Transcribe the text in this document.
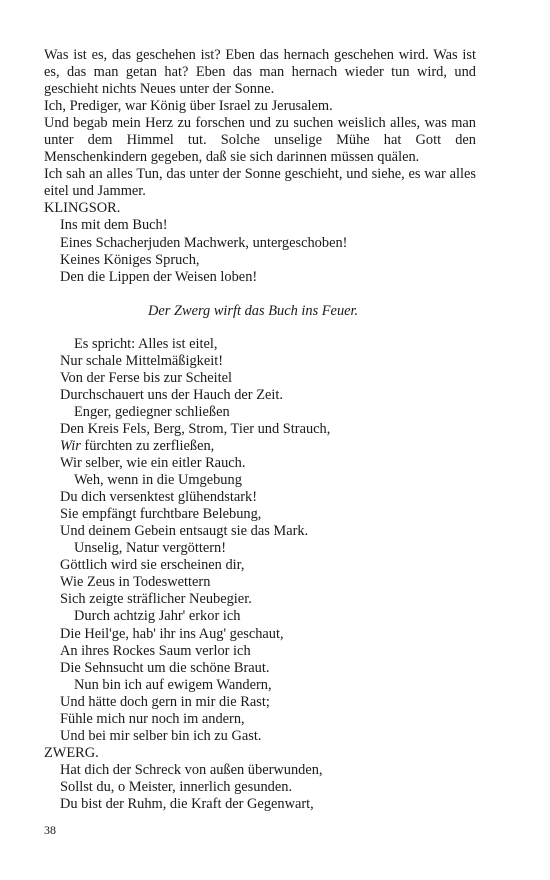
Was ist es, das geschehen ist? Eben das hernach geschehen wird. Was ist es, das man getan hat? Eben das man hernach wieder tun wird, und geschieht nichts Neues unter der Sonne.

Ich, Prediger, war König über Israel zu Jerusalem.

Und begab mein Herz zu forschen und zu suchen weislich alles, was man unter dem Himmel tut. Solche unselige Mühe hat Gott den Menschenkindern gegeben, daß sie sich darinnen müssen quälen.

Ich sah an alles Tun, das unter der Sonne geschieht, und siehe, es war alles eitel und Jammer.

KLINGSOR.

Ins mit dem Buch!
Eines Schacherjuden Machwerk, untergeschoben!
Keines Königes Spruch,
Den die Lippen der Weisen loben!

Der Zwerg wirft das Buch ins Feuer.

Es spricht: Alles ist eitel,
Nur schale Mittelmäßigkeit!
Von der Ferse bis zur Scheitel
Durchschauert uns der Hauch der Zeit.
Enger, gediegner schließen
Den Kreis Fels, Berg, Strom, Tier und Strauch,
Wir fürchten zu zerfließen,
Wir selber, wie ein eitler Rauch.
Weh, wenn in die Umgebung
Du dich versenktest glühendstark!
Sie empfängt furchtbare Belebung,
Und deinem Gebein entsaugt sie das Mark.
Unselig, Natur vergöttern!
Göttlich wird sie erscheinen dir,
Wie Zeus in Todeswettern
Sich zeigte sträflicher Neubegier.
Durch achtzig Jahr' erkor ich
Die Heil'ge, hab' ihr ins Aug' geschaut,
An ihres Rockes Saum verlor ich
Die Sehnsucht um die schöne Braut.
Nun bin ich auf ewigem Wandern,
Und hätte doch gern in mir die Rast;
Fühle mich nur noch im andern,
Und bei mir selber bin ich zu Gast.

ZWERG.

Hat dich der Schreck von außen überwunden,
Sollst du, o Meister, innerlich gesunden.
Du bist der Ruhm, die Kraft der Gegenwart,
38
